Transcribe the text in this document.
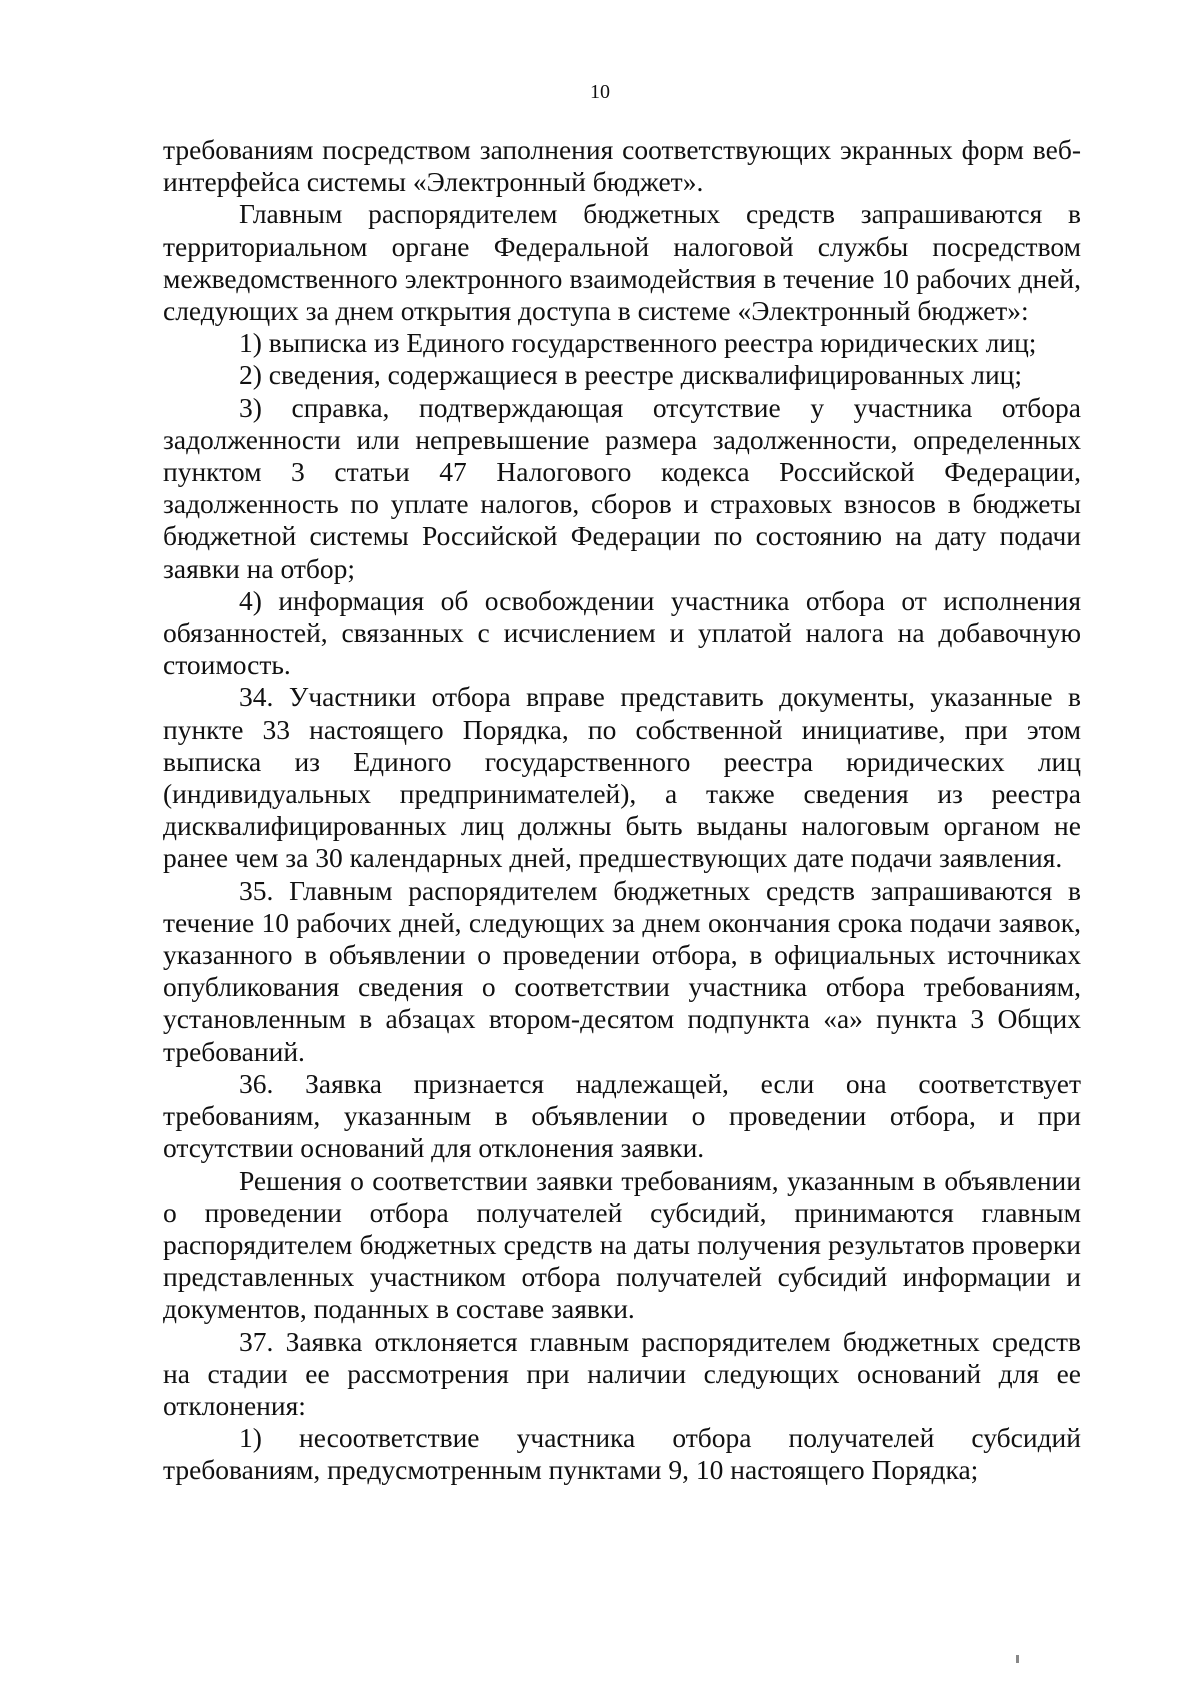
10

требованиям посредством заполнения соответствующих экранных форм веб-интерфейса системы «Электронный бюджет».

Главным распорядителем бюджетных средств запрашиваются в территориальном органе Федеральной налоговой службы посредством межведомственного электронного взаимодействия в течение 10 рабочих дней, следующих за днем открытия доступа в системе «Электронный бюджет»:

1) выписка из Единого государственного реестра юридических лиц;

2) сведения, содержащиеся в реестре дисквалифицированных лиц;

3) справка, подтверждающая отсутствие у участника отбора задолженности или непревышение размера задолженности, определенных пунктом 3 статьи 47 Налогового кодекса Российской Федерации, задолженность по уплате налогов, сборов и страховых взносов в бюджеты бюджетной системы Российской Федерации по состоянию на дату подачи заявки на отбор;

4) информация об освобождении участника отбора от исполнения обязанностей, связанных с исчислением и уплатой налога на добавочную стоимость.

34. Участники отбора вправе представить документы, указанные в пункте 33 настоящего Порядка, по собственной инициативе, при этом выписка из Единого государственного реестра юридических лиц (индивидуальных предпринимателей), а также сведения из реестра дисквалифицированных лиц должны быть выданы налоговым органом не ранее чем за 30 календарных дней, предшествующих дате подачи заявления.

35. Главным распорядителем бюджетных средств запрашиваются в течение 10 рабочих дней, следующих за днем окончания срока подачи заявок, указанного в объявлении о проведении отбора, в официальных источниках опубликования сведения о соответствии участника отбора требованиям, установленным в абзацах втором-десятом подпункта «а» пункта 3 Общих требований.

36. Заявка признается надлежащей, если она соответствует требованиям, указанным в объявлении о проведении отбора, и при отсутствии оснований для отклонения заявки.

Решения о соответствии заявки требованиям, указанным в объявлении о проведении отбора получателей субсидий, принимаются главным распорядителем бюджетных средств на даты получения результатов проверки представленных участником отбора получателей субсидий информации и документов, поданных в составе заявки.

37. Заявка отклоняется главным распорядителем бюджетных средств на стадии ее рассмотрения при наличии следующих оснований для ее отклонения:

1) несоответствие участника отбора получателей субсидий требованиям, предусмотренным пунктами 9, 10 настоящего Порядка;
